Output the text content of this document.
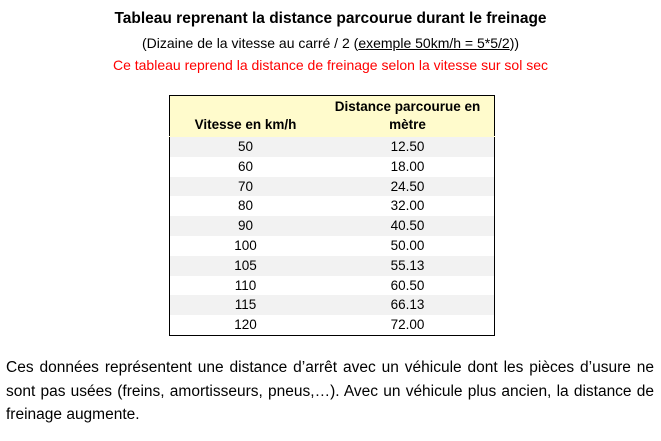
Tableau reprenant la distance parcourue durant le freinage
(Dizaine de la vitesse au carré / 2 (exemple 50km/h = 5*5/2))
Ce tableau reprend la distance de freinage selon la vitesse sur sol sec
Vitesse en km/h	Distance parcourue en mètre
50	12.50
60	18.00
70	24.50
80	32.00
90	40.50
100	50.00
105	55.13
110	60.50
115	66.13
120	72.00
Ces données représentent une distance d’arrêt avec un véhicule dont les pièces d’usure ne sont pas usées (freins, amortisseurs, pneus,…). Avec un véhicule plus ancien, la distance de freinage augmente.
